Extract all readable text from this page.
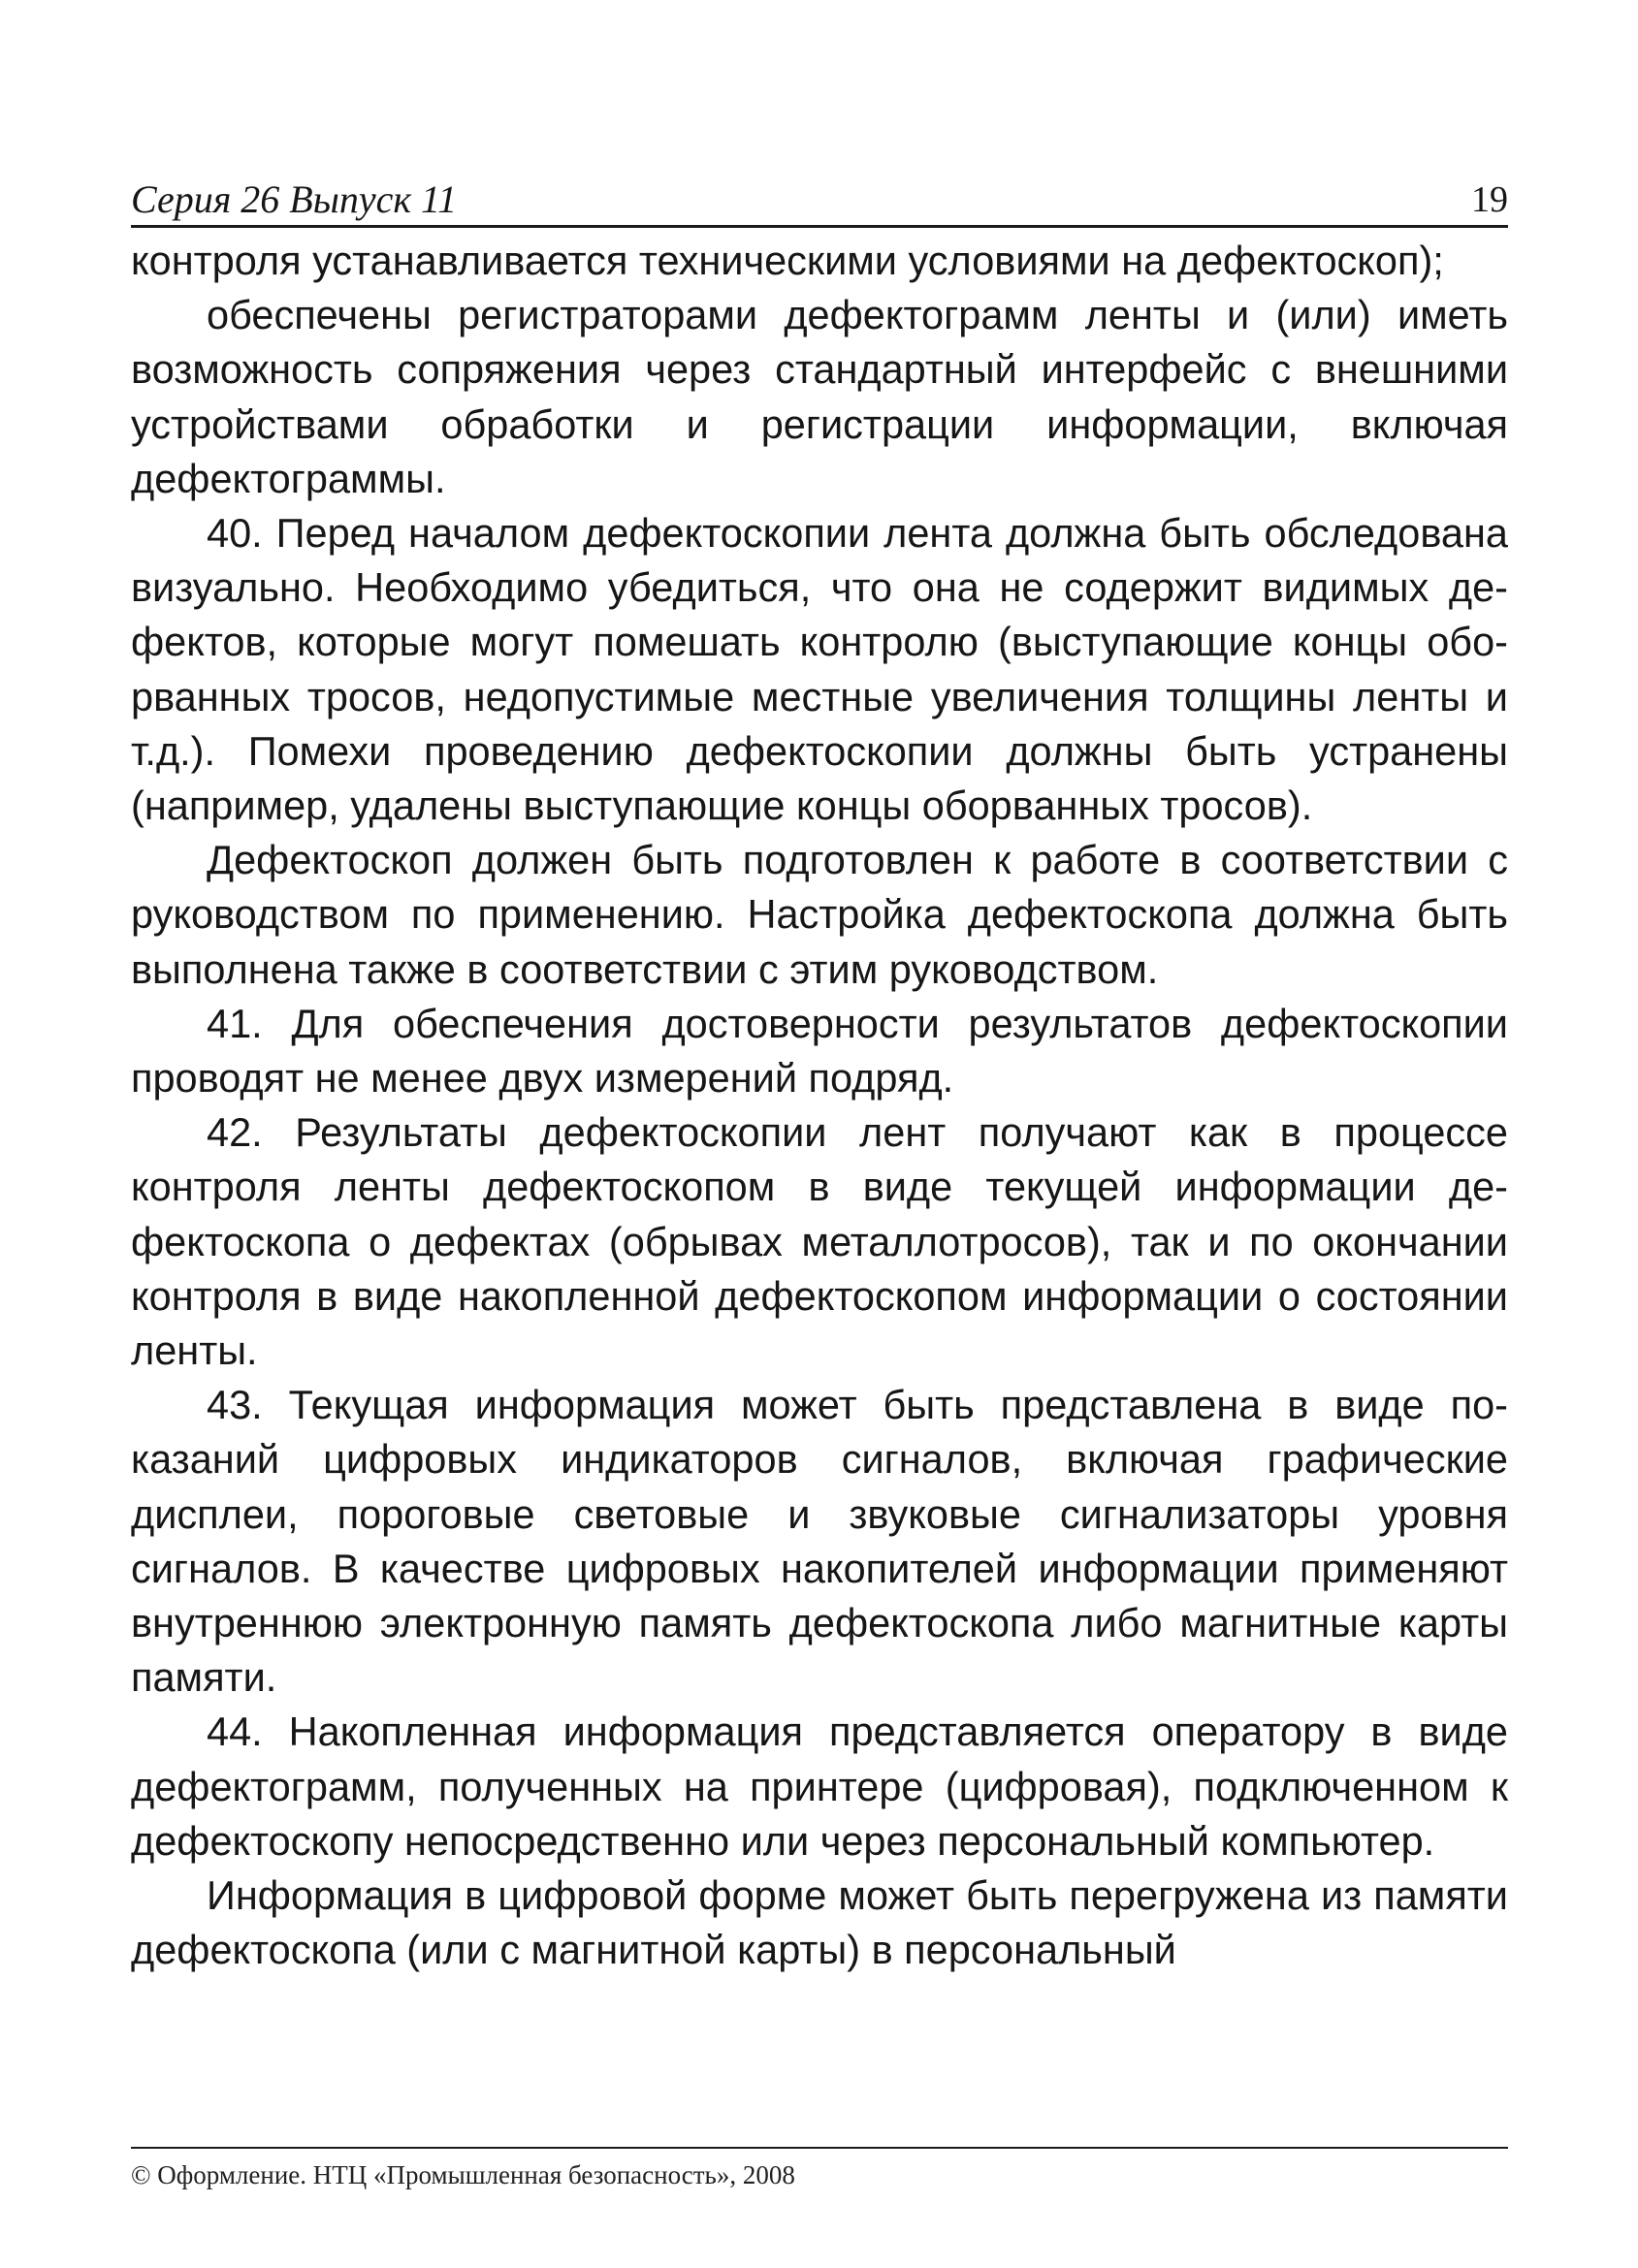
Серия 26 Выпуск 11	19

контроля устанавливается техническими условиями на дефектоскоп);

обеспечены регистраторами дефектограмм ленты и (или) иметь возможность сопряжения через стандартный интерфейс с внешними устройствами обработки и регистрации информации, включая дефектограммы.

40. Перед началом дефектоскопии лента должна быть обследована визуально. Необходимо убедиться, что она не содержит видимых дефектов, которые могут помешать контролю (выступающие концы оборванных тросов, недопустимые местные увеличения толщины ленты и т.д.). Помехи проведению дефектоскопии должны быть устранены (например, удалены выступающие концы оборванных тросов).

Дефектоскоп должен быть подготовлен к работе в соответствии с руководством по применению. Настройка дефектоскопа должна быть выполнена также в соответствии с этим руководством.

41. Для обеспечения достоверности результатов дефектоскопии проводят не менее двух измерений подряд.

42. Результаты дефектоскопии лент получают как в процессе контроля ленты дефектоскопом в виде текущей информации дефектоскопа о дефектах (обрывах металлотросов), так и по окончании контроля в виде накопленной дефектоскопом информации о состоянии ленты.

43. Текущая информация может быть представлена в виде показаний цифровых индикаторов сигналов, включая графические дисплеи, пороговые световые и звуковые сигнализаторы уровня сигналов. В качестве цифровых накопителей информации применяют внутреннюю электронную память дефектоскопа либо магнитные карты памяти.

44. Накопленная информация представляется оператору в виде дефектограмм, полученных на принтере (цифровая), подключенном к дефектоскопу непосредственно или через персональный компьютер.

Информация в цифровой форме может быть перегружена из памяти дефектоскопа (или с магнитной карты) в персональный

© Оформление. НТЦ «Промышленная безопасность», 2008
